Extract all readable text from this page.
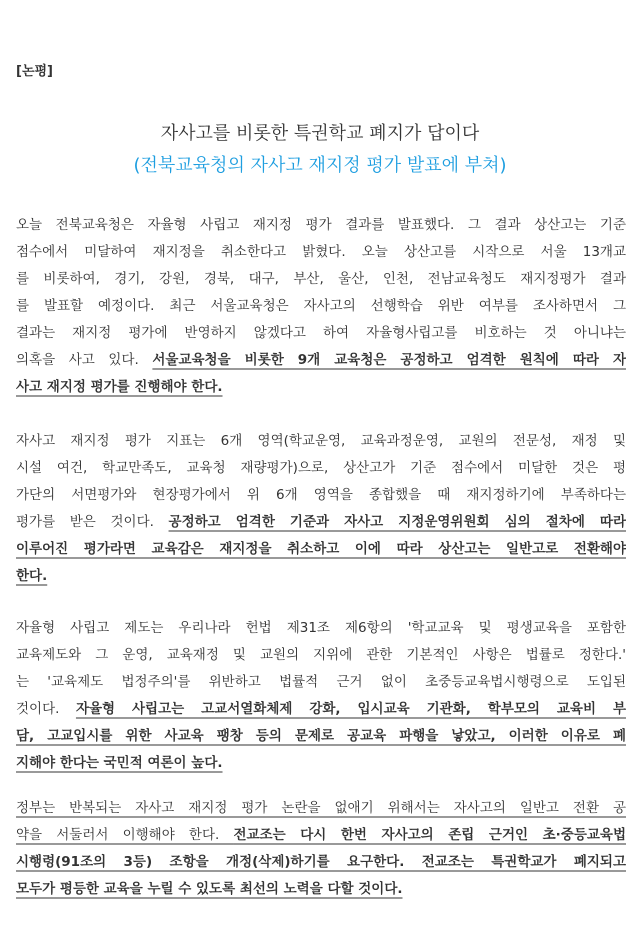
[논평]
자사고를 비롯한 특권학교 폐지가 답이다
(전북교육청의 자사고 재지정 평가 발표에 부쳐)
오늘 전북교육청은 자율형 사립고 재지정 평가 결과를 발표했다. 그 결과 상산고는 기준
점수에서 미달하여 재지정을 취소한다고 밝혔다. 오늘 상산고를 시작으로 서울 13개교
를 비롯하여, 경기, 강원, 경북, 대구, 부산, 울산, 인천, 전남교육청도 재지정평가 결과
를 발표할 예정이다. 최근 서울교육청은 자사고의 선행학습 위반 여부를 조사하면서 그
결과는 재지정 평가에 반영하지 않겠다고 하여 자율형사립고를 비호하는 것 아니냐는
의혹을 사고 있다. 서울교육청을 비롯한 9개 교육청은 공정하고 엄격한 원칙에 따라 자
사고 재지정 평가를 진행해야 한다.
자사고 재지정 평가 지표는 6개 영역(학교운영, 교육과정운영, 교원의 전문성, 재정 및
시설 여건, 학교만족도, 교육청 재량평가)으로, 상산고가 기준 점수에서 미달한 것은 평
가단의 서면평가와 현장평가에서 위 6개 영역을 종합했을 때 재지정하기에 부족하다는
평가를 받은 것이다. 공정하고 엄격한 기준과 자사고 지정운영위원회 심의 절차에 따라
이루어진 평가라면 교육감은 재지정을 취소하고 이에 따라 상산고는 일반고로 전환해야
한다.
자율형 사립고 제도는 우리나라 헌법 제31조 제6항의 '학교교육 및 평생교육을 포함한
교육제도와 그 운영, 교육재정 및 교원의 지위에 관한 기본적인 사항은 법률로 정한다.'
는 '교육제도 법정주의'를 위반하고 법률적 근거 없이 초중등교육법시행령으로 도입된
것이다. 자율형 사립고는 고교서열화체제 강화, 입시교육 기관화, 학부모의 교육비 부
담, 고교입시를 위한 사교육 팽창 등의 문제로 공교육 파행을 낳았고, 이러한 이유로 폐
지해야 한다는 국민적 여론이 높다.
정부는 반복되는 자사고 재지정 평가 논란을 없애기 위해서는 자사고의 일반고 전환 공
약을 서둘러서 이행해야 한다. 전교조는 다시 한번 자사고의 존립 근거인 초·중등교육법
시행령(91조의 3등) 조항을 개정(삭제)하기를 요구한다. 전교조는 특권학교가 폐지되고
모두가 평등한 교육을 누릴 수 있도록 최선의 노력을 다할 것이다.
